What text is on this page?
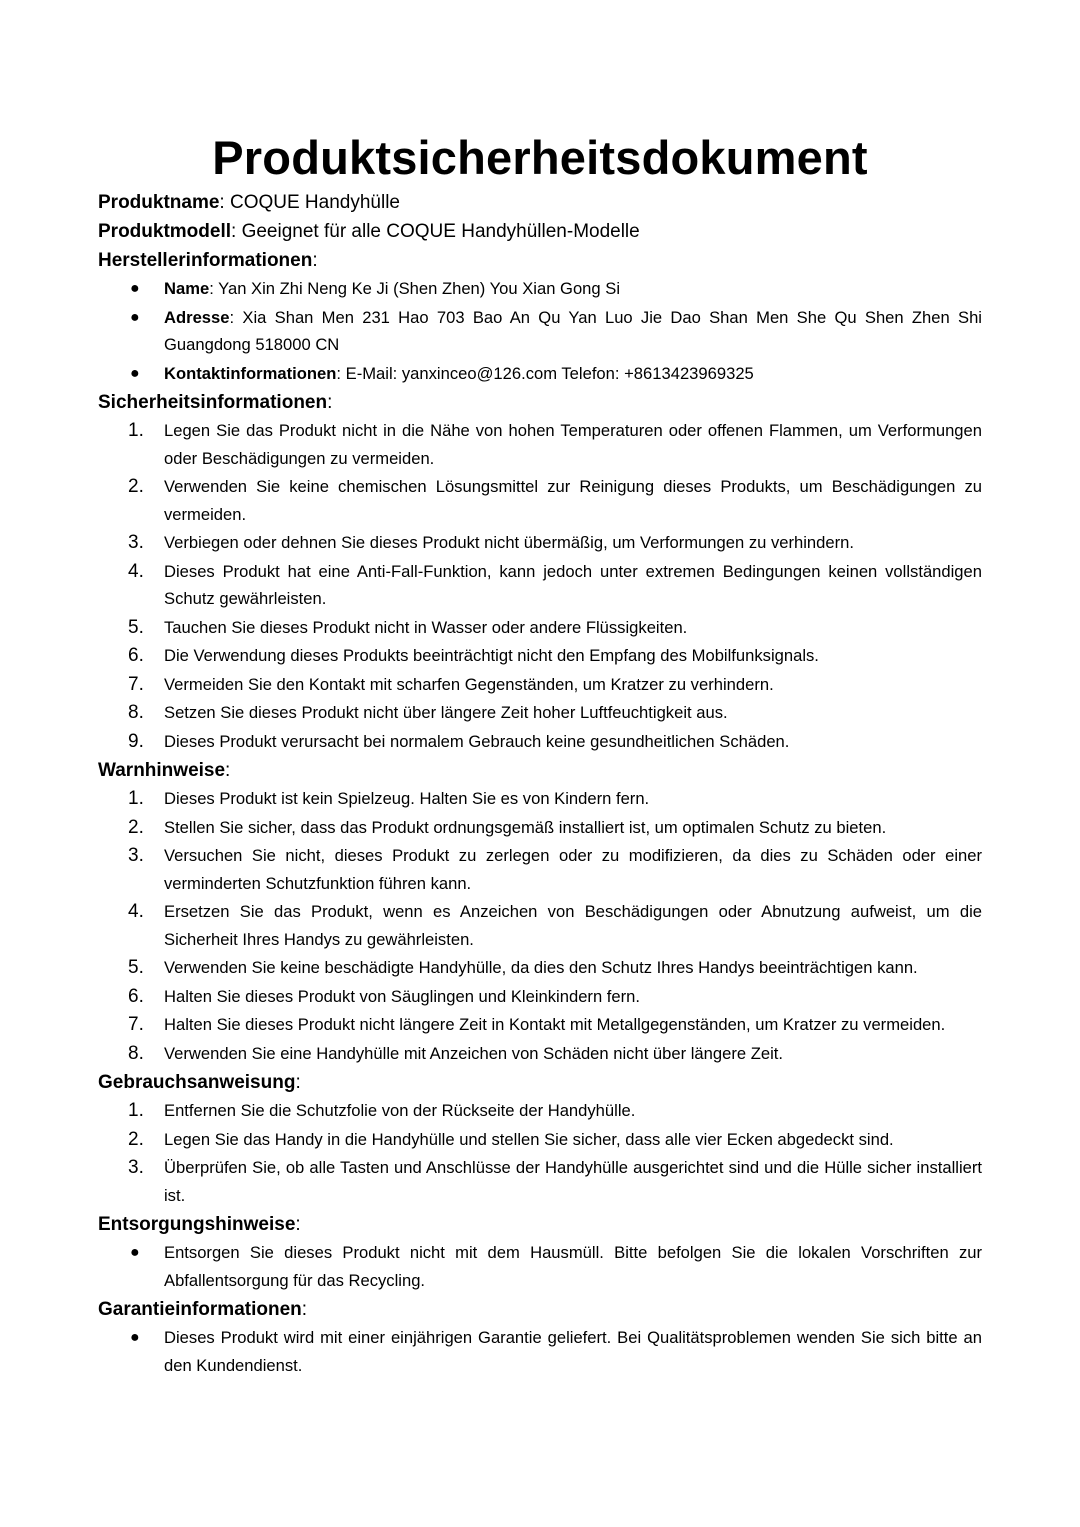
Produktsicherheitsdokument
Produktname: COQUE Handyhülle
Produktmodell: Geeignet für alle COQUE Handyhüllen-Modelle
Herstellerinformationen:
● Name: Yan Xin Zhi Neng Ke Ji (Shen Zhen) You Xian Gong Si
● Adresse: Xia Shan Men 231 Hao 703 Bao An Qu Yan Luo Jie Dao Shan Men She Qu Shen Zhen Shi Guangdong 518000 CN
● Kontaktinformationen: E-Mail: yanxinceo@126.com Telefon: +8613423969325
Sicherheitsinformationen:
1.	Legen Sie das Produkt nicht in die Nähe von hohen Temperaturen oder offenen Flammen, um Verformungen oder Beschädigungen zu vermeiden.
2.	Verwenden Sie keine chemischen Lösungsmittel zur Reinigung dieses Produkts, um Beschädigungen zu vermeiden.
3.	Verbiegen oder dehnen Sie dieses Produkt nicht übermäßig, um Verformungen zu verhindern.
4.	Dieses Produkt hat eine Anti-Fall-Funktion, kann jedoch unter extremen Bedingungen keinen vollständigen Schutz gewährleisten.
5.	Tauchen Sie dieses Produkt nicht in Wasser oder andere Flüssigkeiten.
6.	Die Verwendung dieses Produkts beeinträchtigt nicht den Empfang des Mobilfunksignals.
7.	Vermeiden Sie den Kontakt mit scharfen Gegenständen, um Kratzer zu verhindern.
8.	Setzen Sie dieses Produkt nicht über längere Zeit hoher Luftfeuchtigkeit aus.
9.	Dieses Produkt verursacht bei normalem Gebrauch keine gesundheitlichen Schäden.
Warnhinweise:
1.	Dieses Produkt ist kein Spielzeug. Halten Sie es von Kindern fern.
2.	Stellen Sie sicher, dass das Produkt ordnungsgemäß installiert ist, um optimalen Schutz zu bieten.
3.	Versuchen Sie nicht, dieses Produkt zu zerlegen oder zu modifizieren, da dies zu Schäden oder einer verminderten Schutzfunktion führen kann.
4.	Ersetzen Sie das Produkt, wenn es Anzeichen von Beschädigungen oder Abnutzung aufweist, um die Sicherheit Ihres Handys zu gewährleisten.
5.	Verwenden Sie keine beschädigte Handyhülle, da dies den Schutz Ihres Handys beeinträchtigen kann.
6.	Halten Sie dieses Produkt von Säuglingen und Kleinkindern fern.
7.	Halten Sie dieses Produkt nicht längere Zeit in Kontakt mit Metallgegenständen, um Kratzer zu vermeiden.
8.	Verwenden Sie eine Handyhülle mit Anzeichen von Schäden nicht über längere Zeit.
Gebrauchsanweisung:
1.	Entfernen Sie die Schutzfolie von der Rückseite der Handyhülle.
2.	Legen Sie das Handy in die Handyhülle und stellen Sie sicher, dass alle vier Ecken abgedeckt sind.
3.	Überprüfen Sie, ob alle Tasten und Anschlüsse der Handyhülle ausgerichtet sind und die Hülle sicher installiert ist.
Entsorgungshinweise:
● Entsorgen Sie dieses Produkt nicht mit dem Hausmüll. Bitte befolgen Sie die lokalen Vorschriften zur Abfallentsorgung für das Recycling.
Garantieinformationen:
● Dieses Produkt wird mit einer einjährigen Garantie geliefert. Bei Qualitätsproblemen wenden Sie sich bitte an den Kundendienst.
